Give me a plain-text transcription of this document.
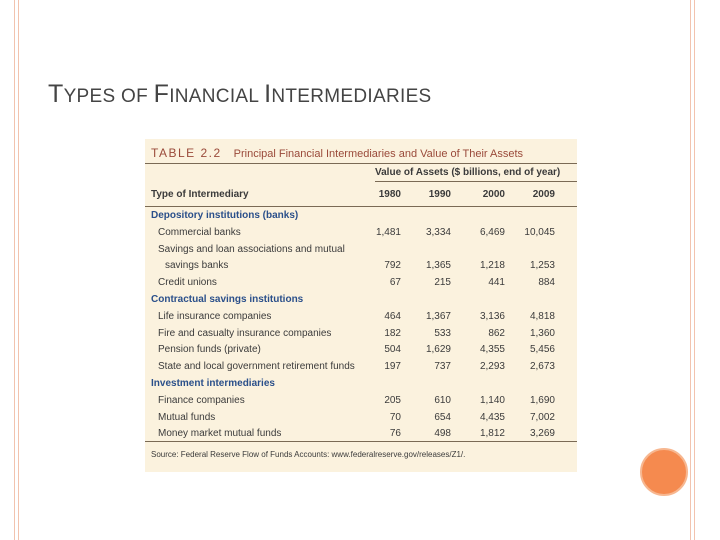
TYPES OF FINANCIAL INTERMEDIARIES
TABLE 2.2 Principal Financial Intermediaries and Value of Their Assets
Value of Assets ($ billions, end of year)
Type of Intermediary	1980	1990	2000	2009
Depository institutions (banks)
Commercial banks	1,481	3,334	6,469	10,045
Savings and loan associations and mutual
savings banks	792	1,365	1,218	1,253
Credit unions	67	215	441	884
Contractual savings institutions
Life insurance companies	464	1,367	3,136	4,818
Fire and casualty insurance companies	182	533	862	1,360
Pension funds (private)	504	1,629	4,355	5,456
State and local government retirement funds	197	737	2,293	2,673
Investment intermediaries
Finance companies	205	610	1,140	1,690
Mutual funds	70	654	4,435	7,002
Money market mutual funds	76	498	1,812	3,269
Source: Federal Reserve Flow of Funds Accounts: www.federalreserve.gov/releases/Z1/.
